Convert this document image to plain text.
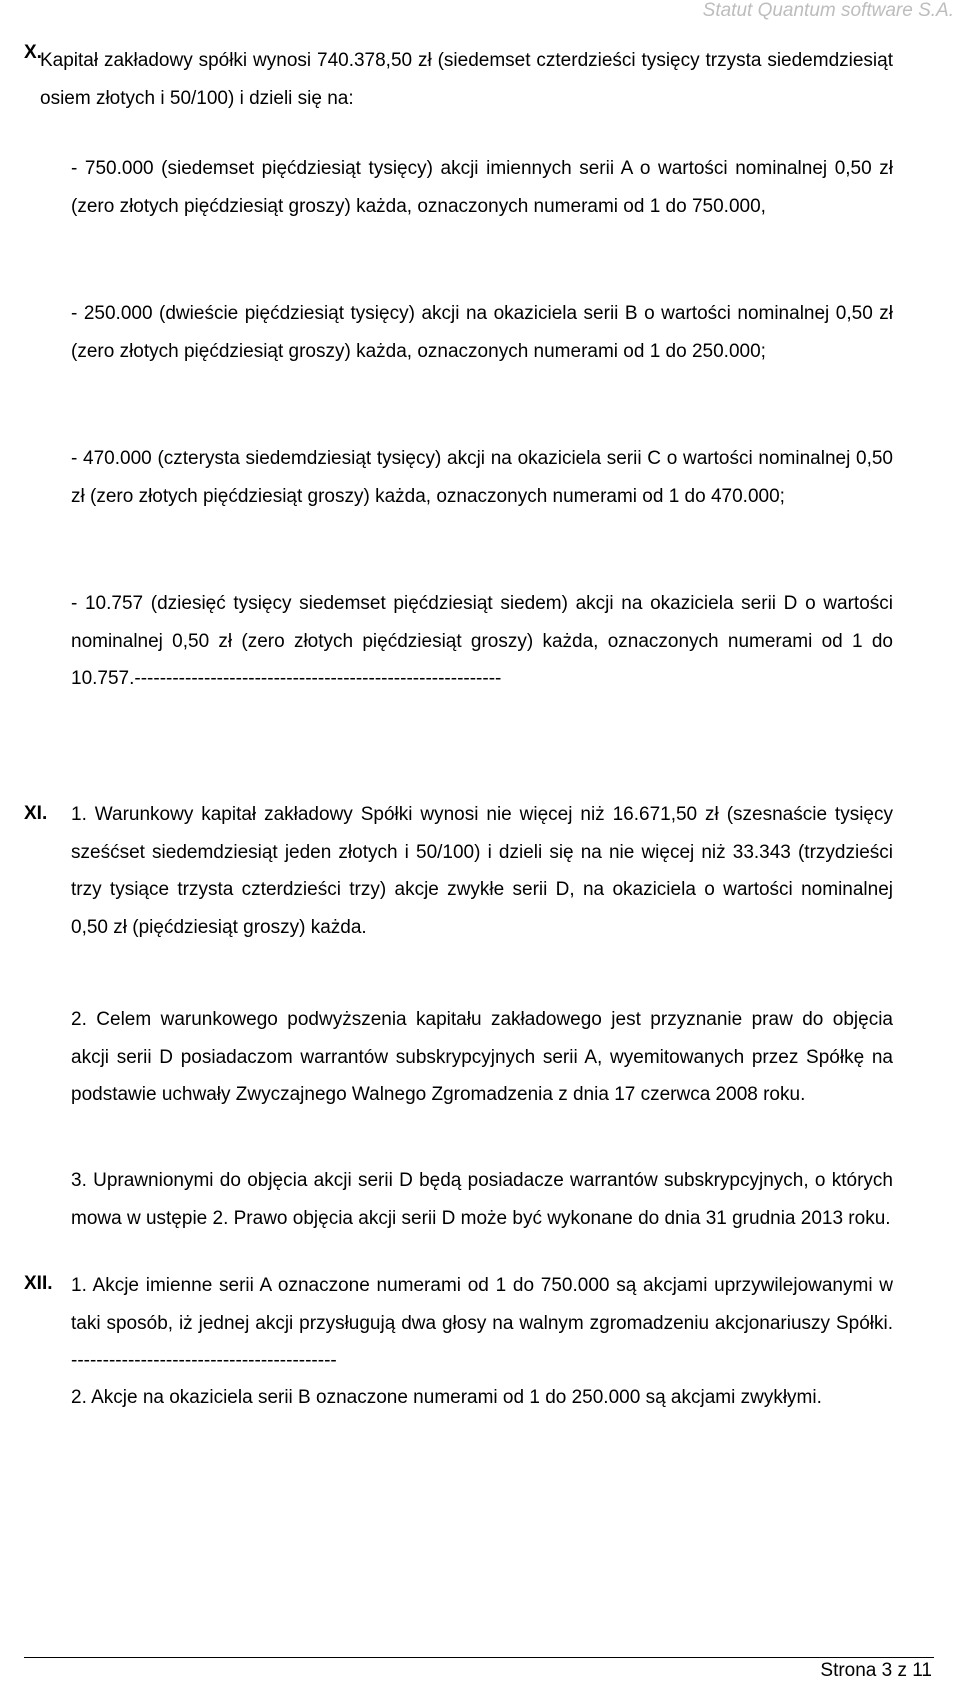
Statut Quantum software S.A.
X.
Kapitał zakładowy spółki wynosi 740.378,50 zł (siedemset czterdzieści tysięcy trzysta siedemdziesiąt osiem złotych i 50/100) i dzieli się na:
- 750.000 (siedemset pięćdziesiąt tysięcy) akcji imiennych serii A o wartości nominalnej 0,50 zł (zero złotych pięćdziesiąt groszy) każda, oznaczonych numerami od 1 do 750.000,
- 250.000 (dwieście pięćdziesiąt tysięcy) akcji na okaziciela serii B o wartości nominalnej 0,50 zł (zero złotych pięćdziesiąt groszy) każda, oznaczonych numerami od 1 do 250.000;
- 470.000 (czterysta siedemdziesiąt tysięcy) akcji na okaziciela serii C o wartości nominalnej 0,50 zł (zero złotych pięćdziesiąt groszy) każda, oznaczonych numerami od 1 do 470.000;
- 10.757 (dziesięć tysięcy siedemset pięćdziesiąt siedem) akcji na okaziciela serii D o wartości nominalnej 0,50 zł (zero złotych pięćdziesiąt groszy) każda, oznaczonych numerami od 1 do 10.757.----------------------------------------------------------
XI. 1. Warunkowy kapitał zakładowy Spółki wynosi nie więcej niż 16.671,50 zł (szesnaście tysięcy sześćset siedemdziesiąt jeden złotych i 50/100) i dzieli się na nie więcej niż 33.343 (trzydzieści trzy tysiące trzysta czterdzieści trzy) akcje zwykłe serii D, na okaziciela o wartości nominalnej 0,50 zł (pięćdziesiąt groszy) każda.
2. Celem warunkowego podwyższenia kapitału zakładowego jest przyznanie praw do objęcia akcji serii D posiadaczom warrantów subskrypcyjnych serii A, wyemitowanych przez Spółkę na podstawie uchwały Zwyczajnego Walnego Zgromadzenia z dnia 17 czerwca 2008 roku.
3. Uprawnionymi do objęcia akcji serii D będą posiadacze warrantów subskrypcyjnych, o których mowa w ustępie 2. Prawo objęcia akcji serii D może być wykonane do dnia 31 grudnia 2013 roku.
XII. 1. Akcje imienne serii A oznaczone numerami od 1 do 750.000 są akcjami uprzywilejowanymi w taki sposób, iż jednej akcji przysługują dwa głosy na walnym zgromadzeniu akcjonariuszy Spółki. ------------------------------------------
2. Akcje na okaziciela serii B oznaczone numerami od 1 do 250.000 są akcjami zwykłymi.
Strona 3 z 11
